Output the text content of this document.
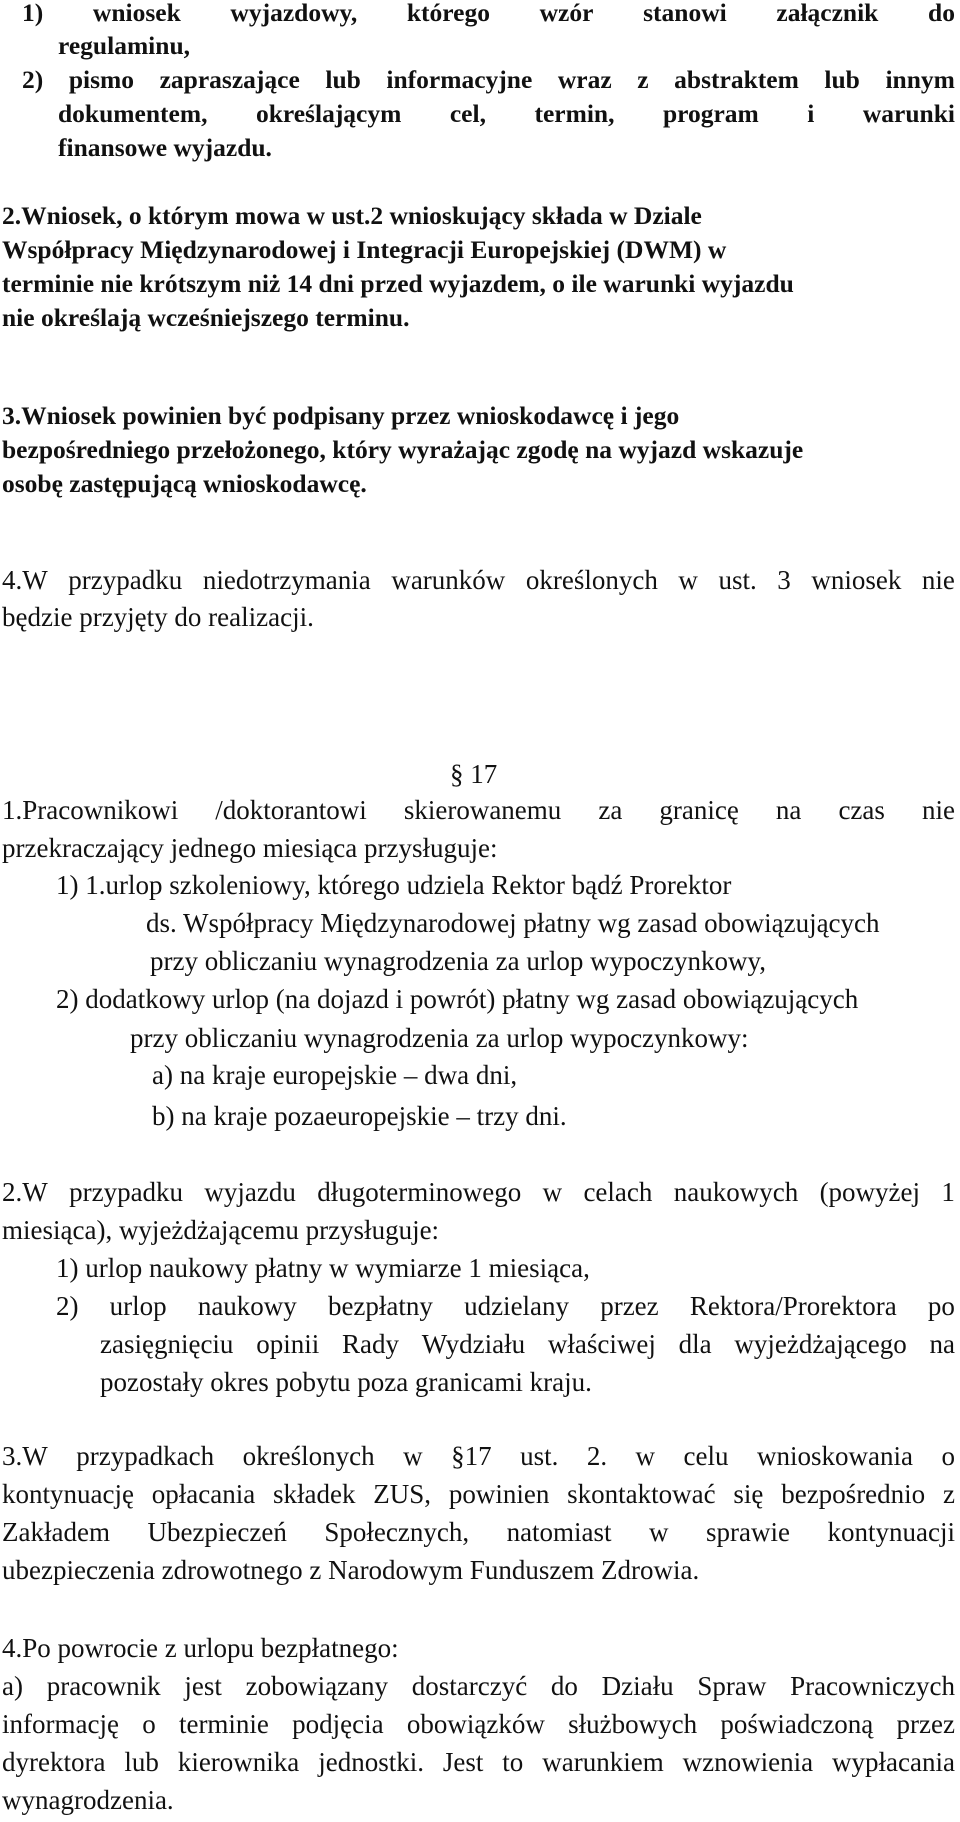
1) wniosek wyjazdowy, którego wzór stanowi załącznik do
regulaminu,
2) pismo zapraszające lub informacyjne wraz z abstraktem lub innym
dokumentem, określającym cel, termin, program i warunki
finansowe wyjazdu.
2.Wniosek, o którym mowa w ust.2 wnioskujący składa w Dziale
Współpracy Międzynarodowej i Integracji Europejskiej (DWM) w
terminie nie krótszym niż 14 dni przed wyjazdem, o ile warunki wyjazdu
nie określają wcześniejszego terminu.
3.Wniosek powinien być podpisany przez wnioskodawcę i jego
bezpośredniego przełożonego, który wyrażając zgodę na wyjazd wskazuje
osobę zastępującą wnioskodawcę.
4.W przypadku niedotrzymania warunków określonych w ust. 3 wniosek nie
będzie przyjęty do realizacji.
§ 17
1.Pracownikowi /doktorantowi skierowanemu za granicę na czas nie
przekraczający jednego miesiąca przysługuje:
1) 1.urlop szkoleniowy, którego udziela Rektor bądź Prorektor
ds. Współpracy Międzynarodowej płatny wg zasad obowiązujących
przy obliczaniu wynagrodzenia za urlop wypoczynkowy,
2) dodatkowy urlop (na dojazd i powrót) płatny wg zasad obowiązujących
przy obliczaniu wynagrodzenia za urlop wypoczynkowy:
a) na kraje europejskie – dwa dni,
b) na kraje pozaeuropejskie – trzy dni.
2.W przypadku wyjazdu długoterminowego w celach naukowych (powyżej 1
miesiąca), wyjeżdżającemu przysługuje:
1) urlop naukowy płatny w wymiarze 1 miesiąca,
2) urlop naukowy bezpłatny udzielany przez Rektora/Prorektora po
zasięgnięciu opinii Rady Wydziału właściwej dla wyjeżdżającego na
pozostały okres pobytu poza granicami kraju.
3.W przypadkach określonych w §17 ust. 2. w celu wnioskowania o
kontynuację opłacania składek ZUS, powinien skontaktować się bezpośrednio z
Zakładem Ubezpieczeń Społecznych, natomiast w sprawie kontynuacji
ubezpieczenia zdrowotnego z Narodowym Funduszem Zdrowia.
4.Po powrocie z urlopu bezpłatnego:
a) pracownik jest zobowiązany dostarczyć do Działu Spraw Pracowniczych
informację o terminie podjęcia obowiązków służbowych poświadczoną przez
dyrektora lub kierownika jednostki. Jest to warunkiem wznowienia wypłacania
wynagrodzenia.
